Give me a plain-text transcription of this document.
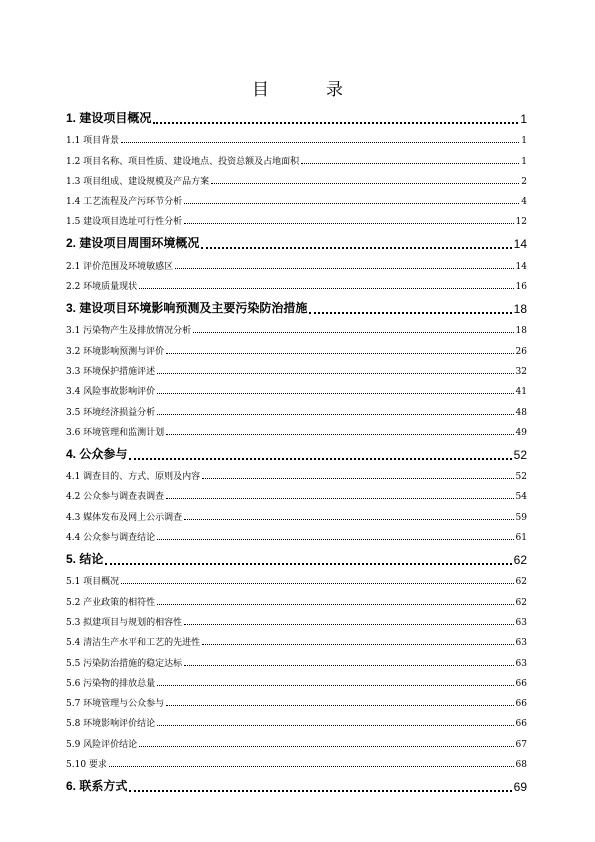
目　录
1. 建设项目概况	1
1.1 项目背景	1
1.2 项目名称、项目性质、建设地点、投资总额及占地面积	1
1.3 项目组成、建设规模及产品方案	2
1.4 工艺流程及产污环节分析	4
1.5 建设项目选址可行性分析	12
2. 建设项目周围环境概况	14
2.1 评价范围及环境敏感区	14
2.2 环境质量现状	16
3. 建设项目环境影响预测及主要污染防治措施	18
3.1 污染物产生及排放情况分析	18
3.2 环境影响预测与评价	26
3.3 环境保护措施评述	32
3.4 风险事故影响评价	41
3.5 环境经济损益分析	48
3.6 环境管理和监测计划	49
4. 公众参与	52
4.1 调查目的、方式、原则及内容	52
4.2 公众参与调查表调查	54
4.3 媒体发布及网上公示调查	59
4.4 公众参与调查结论	61
5. 结论	62
5.1 项目概况	62
5.2 产业政策的相符性	62
5.3 拟建项目与规划的相容性	63
5.4 清洁生产水平和工艺的先进性	63
5.5 污染防治措施的稳定达标	63
5.6 污染物的排放总量	66
5.7 环境管理与公众参与	66
5.8 环境影响评价结论	66
5.9 风险评价结论	67
5.10 要求	68
6. 联系方式	69
